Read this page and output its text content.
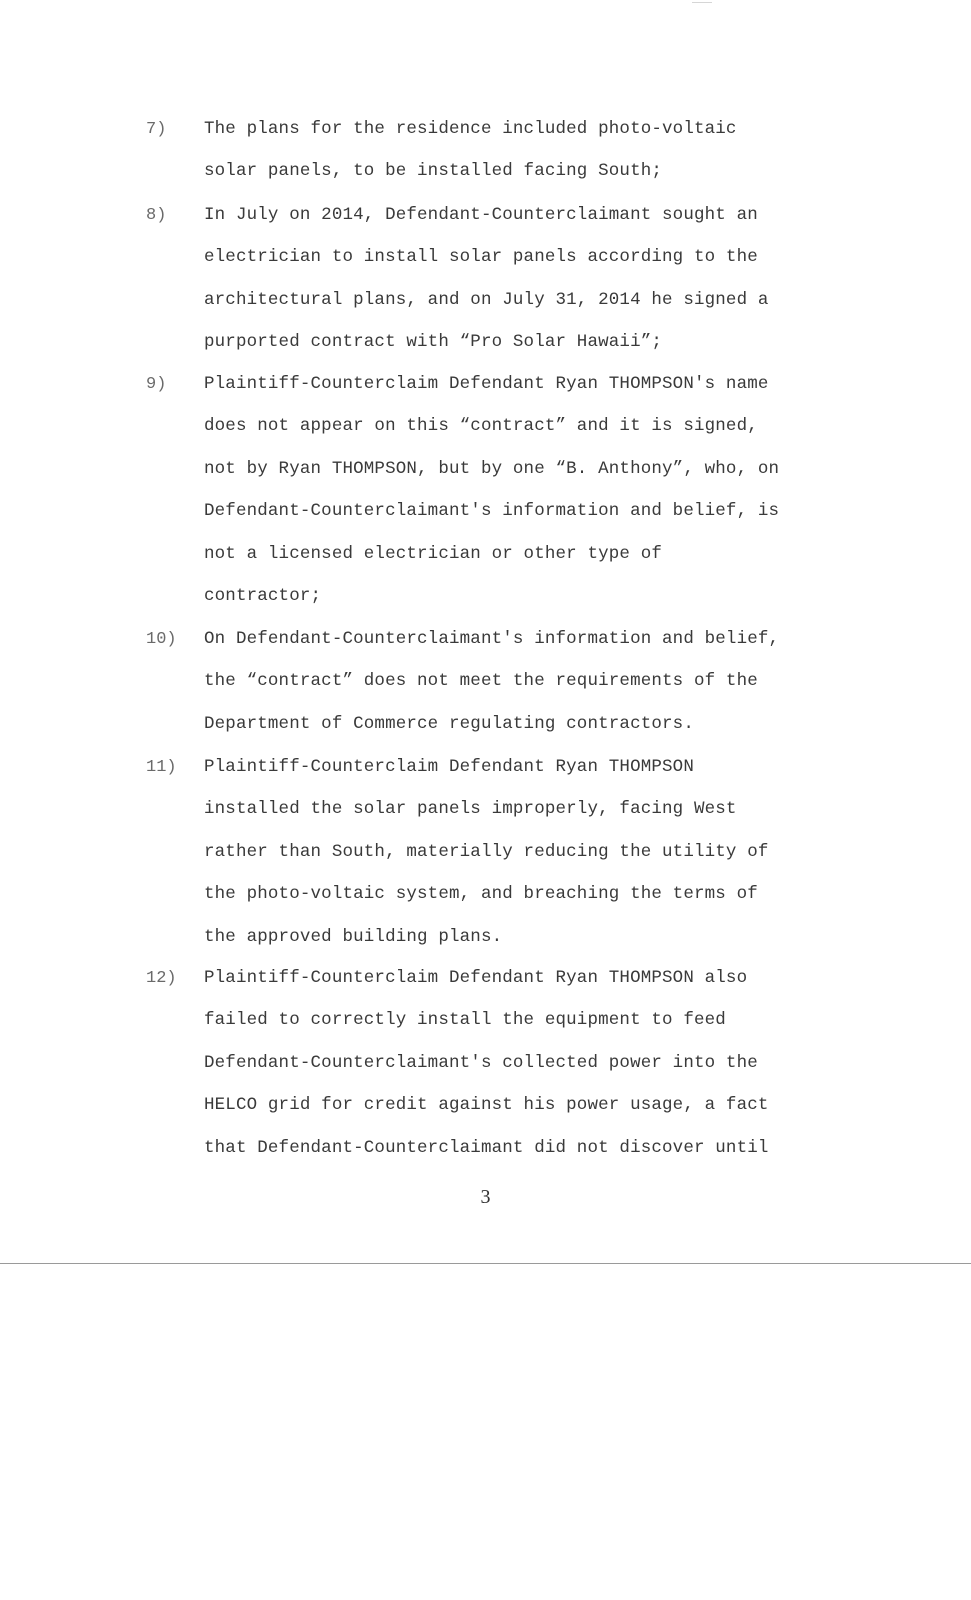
7) The plans for the residence included photo-voltaic
solar panels, to be installed facing South;
8) In July on 2014, Defendant-Counterclaimant sought an
electrician to install solar panels according to the
architectural plans, and on July 31, 2014 he signed a
purported contract with “Pro Solar Hawaii”;
9) Plaintiff-Counterclaim Defendant Ryan THOMPSON's name
does not appear on this “contract” and it is signed,
not by Ryan THOMPSON, but by one “B. Anthony”, who, on
Defendant-Counterclaimant's information and belief, is
not a licensed electrician or other type of
contractor;
10) On Defendant-Counterclaimant's information and belief,
the “contract” does not meet the requirements of the
Department of Commerce regulating contractors.
11) Plaintiff-Counterclaim Defendant Ryan THOMPSON
installed the solar panels improperly, facing West
rather than South, materially reducing the utility of
the photo-voltaic system, and breaching the terms of
the approved building plans.
12) Plaintiff-Counterclaim Defendant Ryan THOMPSON also
failed to correctly install the equipment to feed
Defendant-Counterclaimant's collected power into the
HELCO grid for credit against his power usage, a fact
that Defendant-Counterclaimant did not discover until
3
